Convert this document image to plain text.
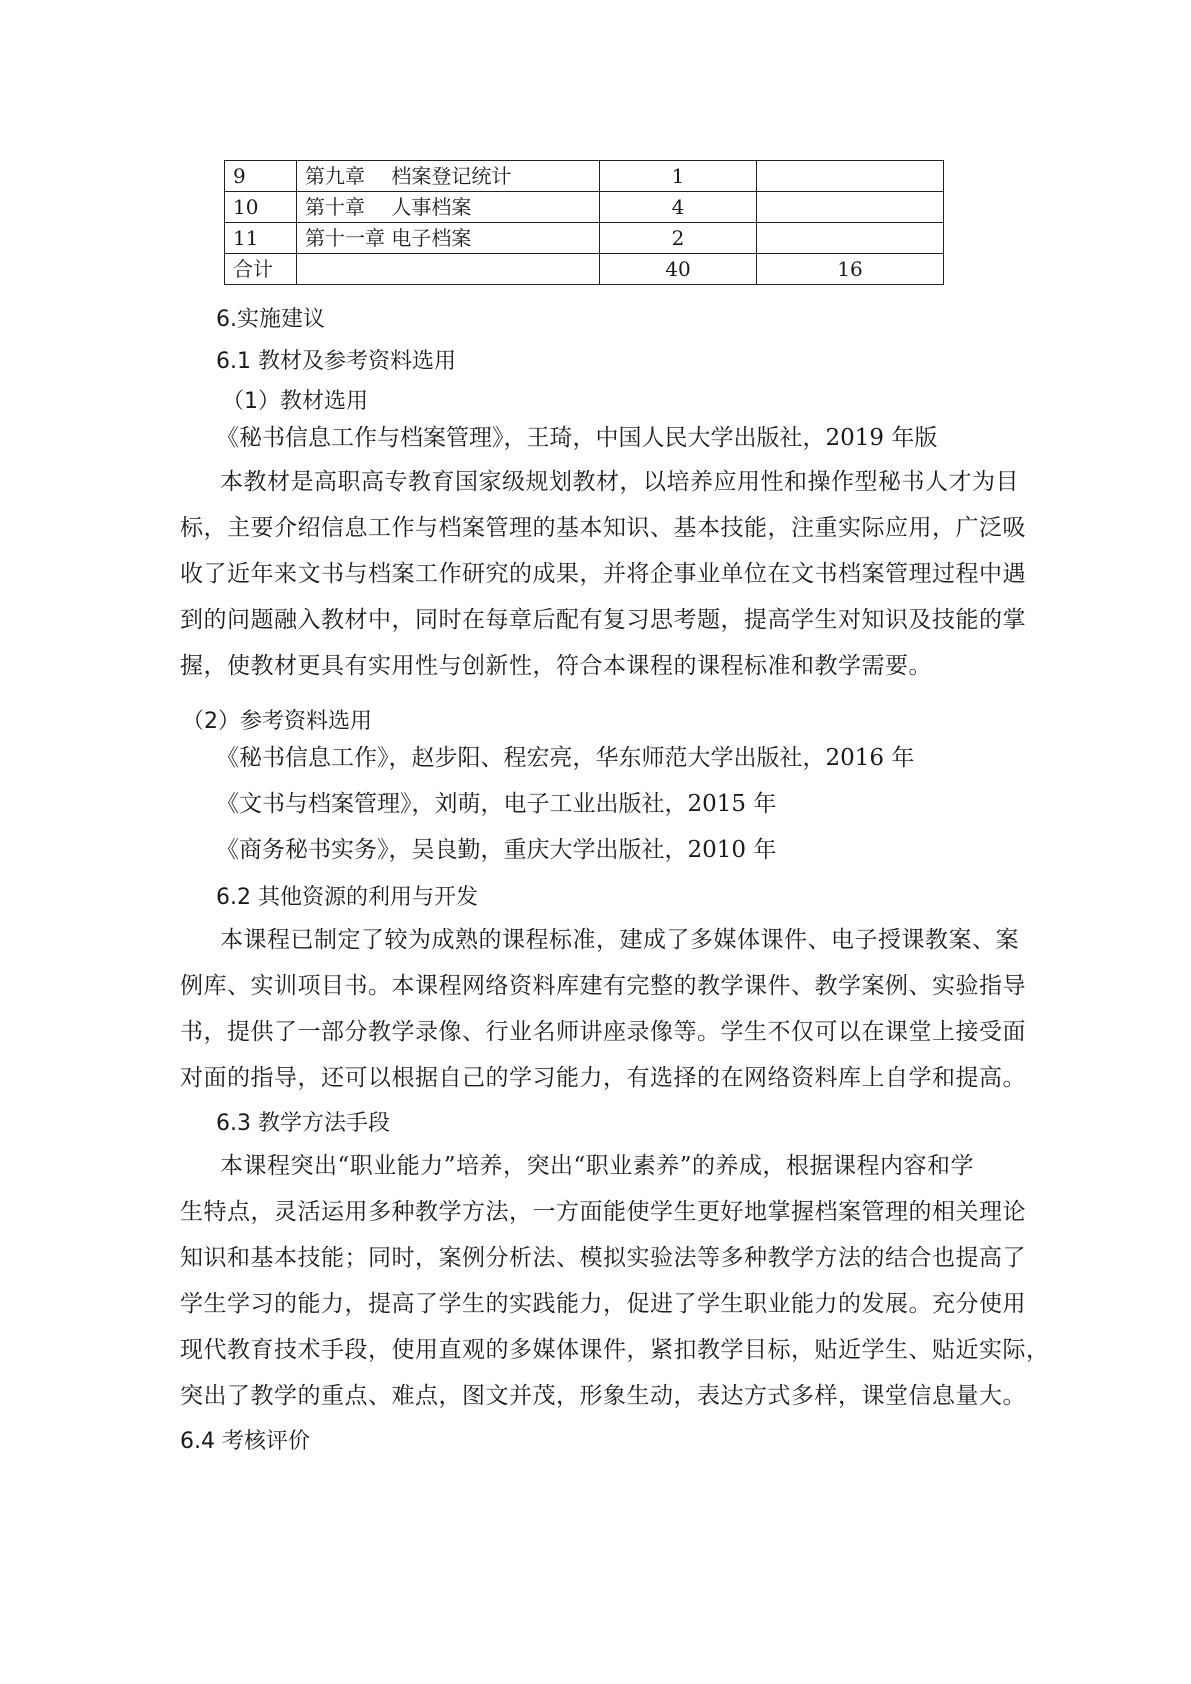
9	第九章　 档案登记统计	1	
10	第十章　 人事档案	4	
11	第十一章 电子档案	2	
合计		40	16
6.实施建议
6.1 教材及参考资料选用
（1）教材选用

《秘书信息工作与档案管理》，王琦，中国人民大学出版社，2019 年版

本教材是高职高专教育国家级规划教材，以培养应用性和操作型秘书人才为目

标，主要介绍信息工作与档案管理的基本知识、基本技能，注重实际应用，广泛吸

收了近年来文书与档案工作研究的成果，并将企事业单位在文书档案管理过程中遇

到的问题融入教材中，同时在每章后配有复习思考题，提高学生对知识及技能的掌

握，使教材更具有实用性与创新性，符合本课程的课程标准和教学需要。

（2）参考资料选用

《秘书信息工作》，赵步阳、程宏亮，华东师范大学出版社，2016 年

《文书与档案管理》，刘萌，电子工业出版社，2015 年

《商务秘书实务》，吴良勤，重庆大学出版社，2010 年

6.2 其他资源的利用与开发

本课程已制定了较为成熟的课程标准，建成了多媒体课件、电子授课教案、案

例库、实训项目书。本课程网络资料库建有完整的教学课件、教学案例、实验指导

书，提供了一部分教学录像、行业名师讲座录像等。学生不仅可以在课堂上接受面

对面的指导，还可以根据自己的学习能力，有选择的在网络资料库上自学和提高。

6.3 教学方法手段

本课程突出“职业能力”培养，突出“职业素养”的养成，根据课程内容和学

生特点，灵活运用多种教学方法，一方面能使学生更好地掌握档案管理的相关理论

知识和基本技能；同时，案例分析法、模拟实验法等多种教学方法的结合也提高了

学生学习的能力，提高了学生的实践能力，促进了学生职业能力的发展。充分使用

现代教育技术手段，使用直观的多媒体课件，紧扣教学目标，贴近学生、贴近实际，

突出了教学的重点、难点，图文并茂，形象生动，表达方式多样，课堂信息量大。

6.4 考核评价
